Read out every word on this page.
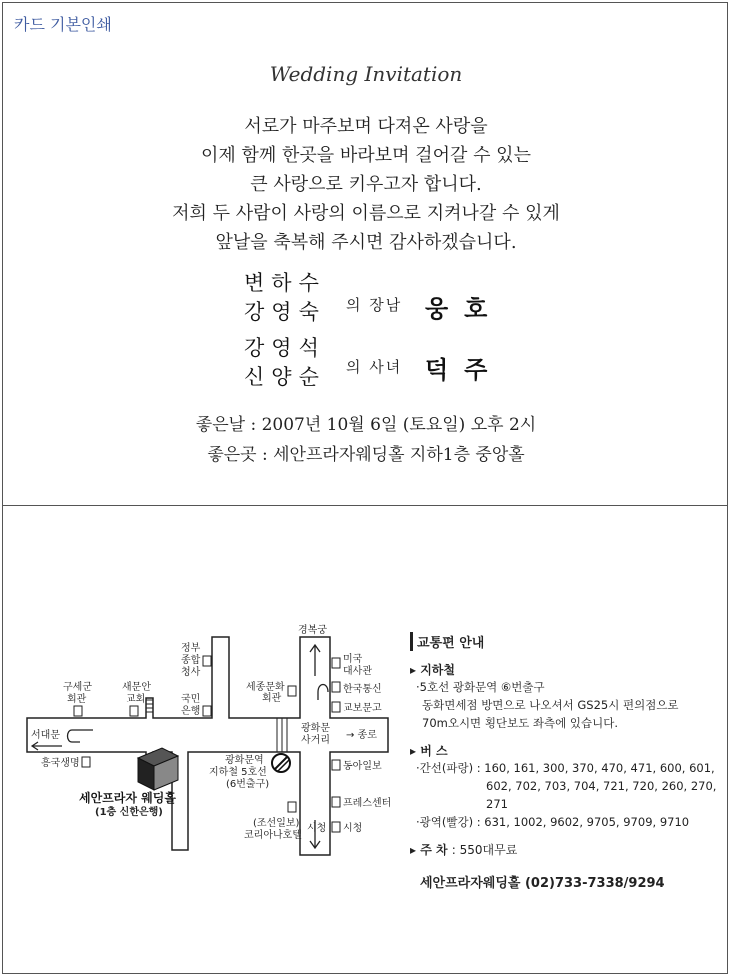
카드 기본인쇄
Wedding Invitation
서로가 마주보며 다져온 사랑을
이제 함께 한곳을 바라보며 걸어갈 수 있는
큰 사랑으로 키우고자 합니다.
저희 두 사람이 사랑의 이름으로 지켜나갈 수 있게
앞날을 축복해 주시면 감사하겠습니다.
변하수
강영숙 의 장남 웅호
강영석
신양순 의 사녀 덕주
좋은날 : 2007년 10월 6일 (토요일) 오후 2시
좋은곳 : 세안프라자웨딩홀 지하1층 중앙홀
경복궁
정부
종합
청사
국민
은행
세종문화
회관
미국
대사관
한국통신
교보문고
구세군
회관
새문안
교회
서대문
흥국생명
광화문
사거리 → 종로
광화문역
지하철 5호선
(6번출구)
동아일보
프레스센터
(조선일보)
코리아나호텔
시청 시청
세안프라자 웨딩홀
(1층 신한은행)
교통편 안내
▸ 지하철
·5호선 광화문역 ⑥번출구
동화면세점 방면으로 나오셔서 GS25시 편의점으로
70m오시면 횡단보도 좌측에 있습니다.
▸ 버 스
·간선(파랑) : 160, 161, 300, 370, 470, 471, 600, 601,
602, 702, 703, 704, 721, 720, 260, 270, 271
·광역(빨강) : 631, 1002, 9602, 9705, 9709, 9710
▸ 주 차 : 550대무료
세안프라자웨딩홀 (02)733-7338/9294
